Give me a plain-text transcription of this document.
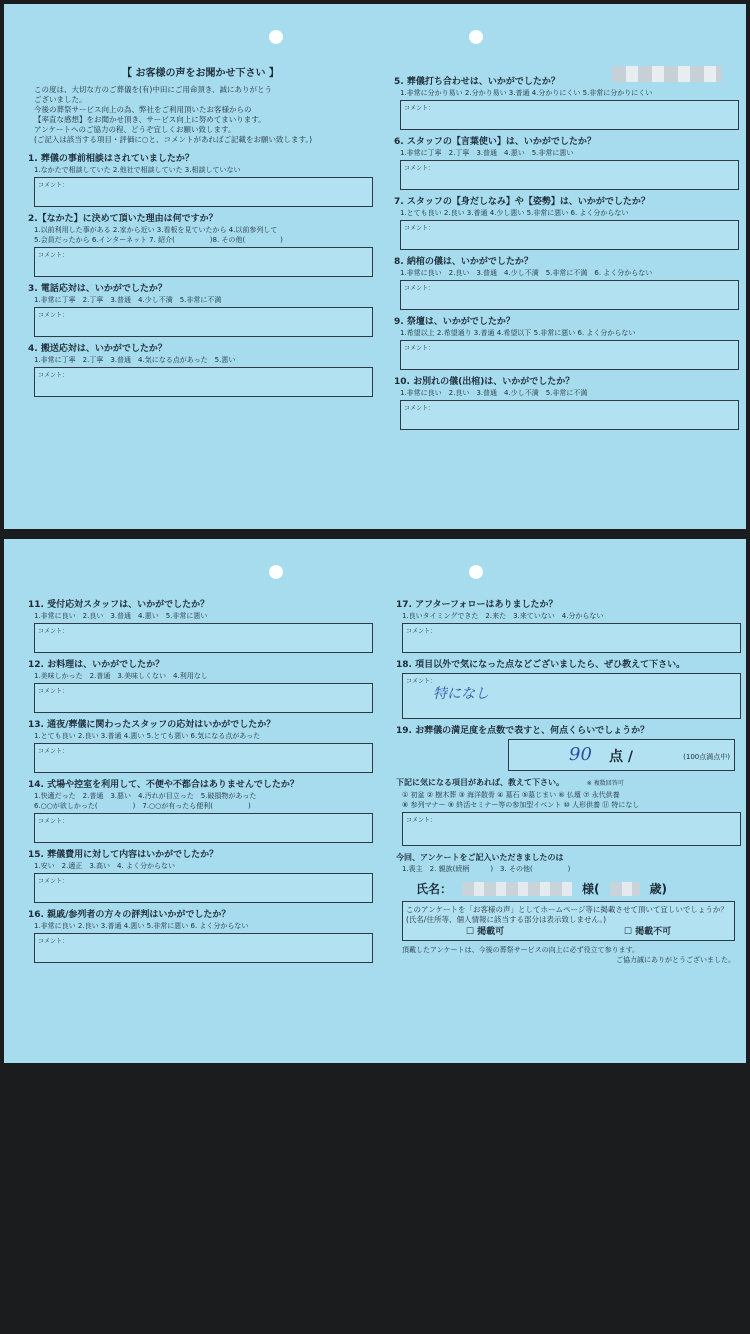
【 お客様の声をお聞かせ下さい 】

この度は、大切な方のご葬儀を(有)中田にご用命頂き、誠にありがとう

ございました。

今後の葬祭サービス向上の為、弊社をご利用頂いたお客様からの

【率直な感想】をお聞かせ頂き、サービス向上に努めてまいります。

アンケートへのご協力の程、どうぞ宜しくお願い致します。

(ご記入は該当する項目・評価に○と、コメントがあればご記載をお願い致します。)

1. 葬儀の事前相談はされていましたか？
1.なかたで相談していた 2.他社で相談していた 3.相談していない
コメント：
2.【なかた】に決めて頂いた理由は何ですか？
1.以前利用した事がある 2.家から近い 3.看板を見ていたから 4.以前参列して
5.会員だったから 6.インターネット 7. 紹介(　　　　　)8. その他(　　　　　)
コメント：
3. 電話応対は、いかがでしたか？
1.非常に丁寧　2.丁寧　3.普通　4.少し不満　5.非常に不満
コメント：
4. 搬送応対は、いかがでしたか？
1.非常に丁寧　2.丁寧　3.普通　4.気になる点があった　5.悪い
コメント：
5. 葬儀打ち合わせは、いかがでしたか？
1.非常に分かり易い 2.分かり易い 3.普通 4.分かりにくい 5.非常に分かりにくい
コメント：
6. スタッフの【言葉使い】は、いかがでしたか？
1.非常に丁寧　2.丁寧　3.普通　4.悪い　5.非常に悪い
コメント：
7. スタッフの【身だしなみ】や【姿勢】は、いかがでしたか？
1.とても良い 2.良い 3.普通 4.少し悪い 5.非常に悪い 6. よく分からない
コメント：
8. 納棺の儀は、いかがでしたか？
1.非常に良い　2.良い　3.普通　4.少し不満　5.非常に不満　6. よく分からない
コメント：
9. 祭壇は、いかがでしたか？
1.希望以上 2.希望通り 3.普通 4.希望以下 5.非常に悪い 6. よく分からない
コメント：
10. お別れの儀(出棺)は、いかがでしたか？
1.非常に良い　2.良い　3.普通　4.少し不満　5.非常に不満
コメント：
11. 受付応対スタッフは、いかがでしたか？
1.非常に良い　2.良い　3.普通　4.悪い　5.非常に悪い
コメント：
12. お料理は、いかがでしたか？
1.美味しかった　2.普通　3.美味しくない　4.利用なし
コメント：
13. 通夜/葬儀に関わったスタッフの応対はいかがでしたか？
1.とても良い 2.良い 3.普通 4.悪い 5.とても悪い 6.気になる点があった
コメント：
14. 式場や控室を利用して、不便や不都合はありませんでしたか？
1.快適だった　2.普通　3.悪い　4.汚れが目立った　5.破損物があった
6.○○が欲しかった(　　　　　)　7.○○が有ったら便利(　　　　　)
コメント：
15. 葬儀費用に対して内容はいかがでしたか？
1.安い　2.適正　3.高い　4. よく分からない
コメント：
16. 親戚/参列者の方々の評判はいかがでしたか？
1.非常に良い 2.良い 3.普通 4.悪い 5.非常に悪い 6. よく分からない
コメント：
17. アフターフォローはありましたか？
1.良いタイミングできた　2.来た　3.来ていない　4.分からない
コメント：
18. 項目以外で気になった点などございましたら、ぜひ教えて下さい。
コメント：
特になし
19. お葬儀の満足度を点数で表すと、何点くらいでしょうか？
90 点 /	(100点満点中)
下記に気になる項目があれば、教えて下さい。	※ 複数回答可
① 初盆 ② 樹木葬 ③ 海洋散骨 ④ 墓石 ⑤墓じまい ⑥ 仏壇 ⑦ 永代供養
⑧ 参列マナー ⑨ 終活セミナー等の参加型イベント ⑩ 人形供養 ⑪ 特になし
コメント：
今回、アンケートをご記入いただきましたのは
1.喪主　2. 親族(続柄　　　)　3. その他(　　　　　)
氏名：	様(	歳)
このアンケートを「お客様の声」としてホームページ等に掲載させて頂いて宜しいでしょうか？(氏名/住所等、個人情報に該当する部分は表示致しません。)
☐ 掲載可	☐ 掲載不可
頂戴したアンケートは、今後の葬祭サービスの向上に必ず役立て参ります。
ご協力誠にありがとうございました。
